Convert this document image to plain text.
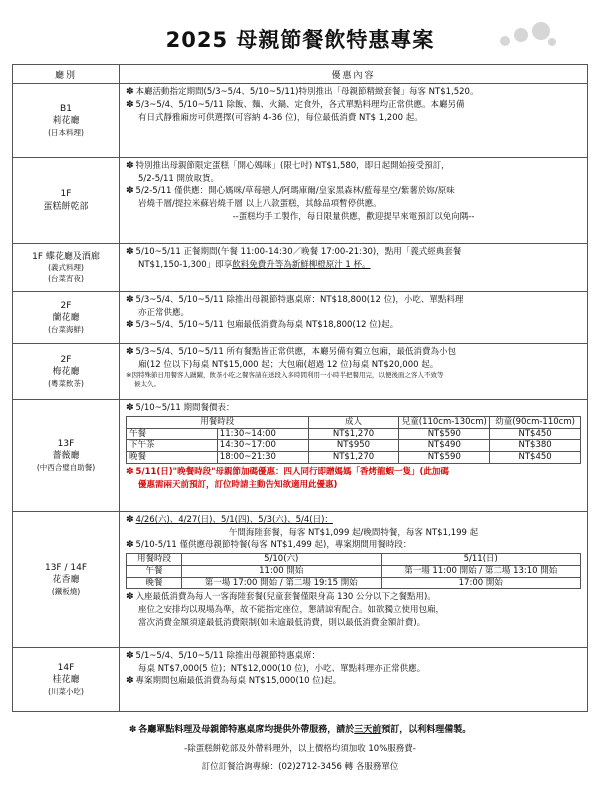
2025 母親節餐飲特惠專案
廳別	優惠內容

B1
莉花廳
(日本料理)

✽ 本廳活動指定期間(5/3~5/4、5/10~5/11)特別推出「母親節精緻套餐」每客 NT$1,520。
✽ 5/3~5/4、5/10~5/11 除飯、麵、火鍋、定食外，各式單點料理均正常供應。本廳另備
有日式靜雅廂房可供選擇(可容納 4-36 位)，每位最低消費 NT$ 1,200 起。

1F
蛋糕餅乾部

✽ 特別推出母親節限定蛋糕「開心媽咪」(限七吋) NT$1,580，即日起開始接受預訂，
5/2-5/11 開放取貨。
✽ 5/2-5/11 僅供應：開心媽咪/草莓戀人/阿瑪庫爾/皇家黑森林/藍莓星空/紫薯於妳/原味
岩燒千層/提拉米蘇岩燒千層 以上八款蛋糕，其餘品項暫停供應。
--蛋糕均手工製作，每日限量供應，歡迎提早來電預訂以免向隅--

1F 蝶花廳及酒廊
(義式料理)
(台菜宵夜)

✽ 5/10~5/11 正餐期間(午餐 11:00-14:30／晚餐 17:00-21:30)，點用「義式經典套餐
NT$1,150-1,300」即享飲料免費升等為新鮮柳橙原汁 1 杯。

2F
蘭花廳
(台菜海鮮)

✽ 5/3~5/4、5/10~5/11 除推出母親節特惠桌席：NT$18,800(12 位)，小吃、單點料理
亦正常供應。
✽ 5/3~5/4、5/10~5/11 包廂最低消費為每桌 NT$18,800(12 位)起。

2F
梅花廳
(粵菜飲茶)

✽ 5/3~5/4、5/10~5/11 所有餐點皆正常供應，本廳另備有獨立包廂，最低消費為小包
廂(12 位以下)每桌 NT$15,000 起；大包廂(超過 12 位)每桌 NT$20,000 起。
※因特殊節日用餐客人踴躍，飲茶小吃之餐客請在送段入多時間利用一小時半把餐用完，以便後面之客人不致等
候太久。

13F
薔薇廳
(中西合璧自助餐)

✽ 5/10~5/11 期間餐價表：
用餐時段	成人	兒童(110cm-130cm)	幼童(90cm-110cm)
午餐	11:30~14:00	NT$1,270	NT$590	NT$450
下午茶	14:30~17:00	NT$950	NT$490	NT$380
晚餐	18:00~21:30	NT$1,270	NT$590	NT$450
✽ 5/11(日)"晚餐時段"母親節加碼優惠：四人同行即贈媽媽「香烤龍蝦一隻」(此加碼
優惠需兩天前預訂，訂位時請主動告知欲適用此優惠)

13F / 14F
花香廳
(鐵板燒)

✽ 4/26(六)、4/27(日)、5/1(四)、5/3(六)、5/4(日)：
午間海陸套餐，每客 NT$1,099 起/晚間特餐，每客 NT$1,199 起
✽ 5/10-5/11 僅供應母親節特餐(每客 NT$1,499 起)，專案期間用餐時段：
用餐時段	5/10(六)	5/11(日)
午餐	11:00 開始	第一場 11:00 開始 / 第二場 13:10 開始
晚餐	第一場 17:00 開始 / 第二場 19:15 開始	17:00 開始
✽ 入座最低消費為每人一客海陸套餐(兒童套餐僅限身高 130 公分以下之餐點用)。
座位之安排均以現場為準，故不能指定座位，懇請諒宥配合。如欲獨立使用包廂，
當次消費金額須達最低消費限制(如未逾最低消費，則以最低消費金額計費)。

14F
桂花廳
(川菜小吃)

✽ 5/1~5/4、5/10~5/11 除推出母親節特惠桌席：
每桌 NT$7,000(5 位)；NT$12,000(10 位)，小吃、單點料理亦正常供應。
✽ 專案期間包廂最低消費為每桌 NT$15,000(10 位)起。
✽ 各廳單點料理及母親節特惠桌席均提供外帶服務，請於三天前預訂，以利料理備製。
-除蛋糕餅乾部及外帶料理外，以上價格均須加收 10%服務費-
訂位訂餐洽詢專線：(02)2712-3456 轉 各服務單位
